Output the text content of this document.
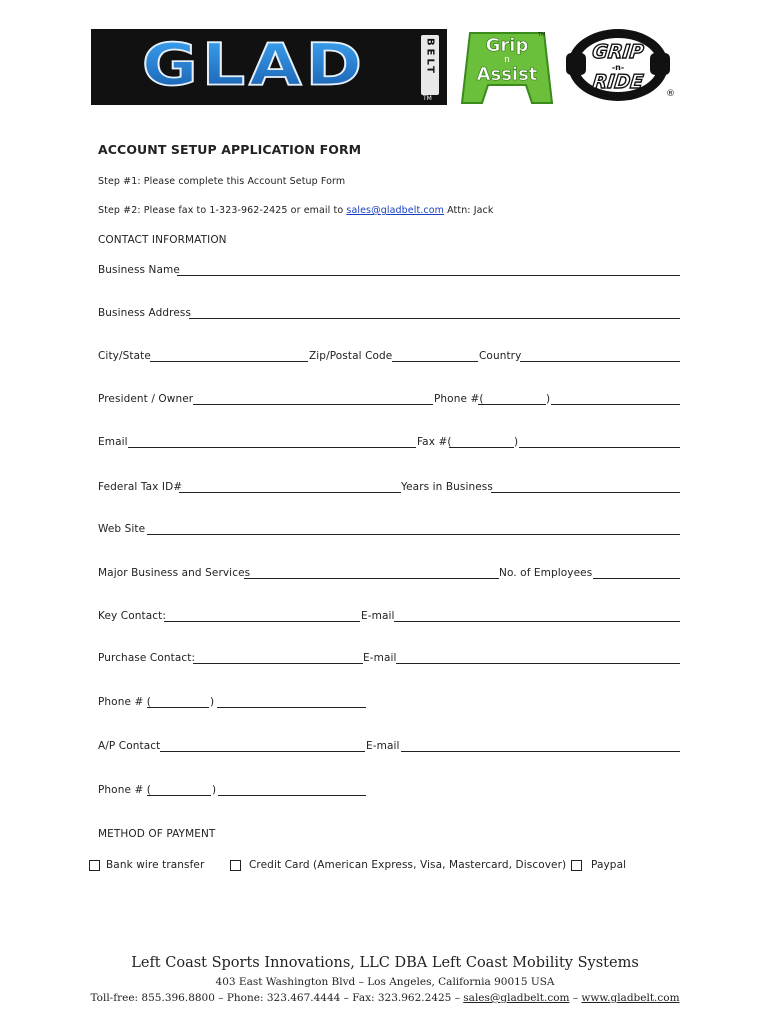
GLAD	BELT
TM
Grip
n
Assist
TM
GRIP
-n-
RIDE
®
ACCOUNT SETUP APPLICATION FORM
Step #1: Please complete this Account Setup Form
Step #2: Please fax to 1-323-962-2425 or email to sales@gladbelt.com Attn: Jack
CONTACT INFORMATION
Business Name
Business Address
City/State	Zip/Postal Code	Country
President / Owner	Phone #(	)
Email	Fax #(	)
Federal Tax ID#	Years in Business
Web Site
Major Business and Services	No. of Employees
Key Contact:	E-mail
Purchase Contact:	E-mail
Phone # (	)
A/P Contact	E-mail
Phone # (	)
METHOD OF PAYMENT
Bank wire transfer	Credit Card (American Express, Visa, Mastercard, Discover) Paypal
Left Coast Sports Innovations, LLC DBA Left Coast Mobility Systems
403 East Washington Blvd – Los Angeles, California 90015 USA
Toll-free: 855.396.8800 – Phone: 323.467.4444 – Fax: 323.962.2425 – sales@gladbelt.com – www.gladbelt.com
